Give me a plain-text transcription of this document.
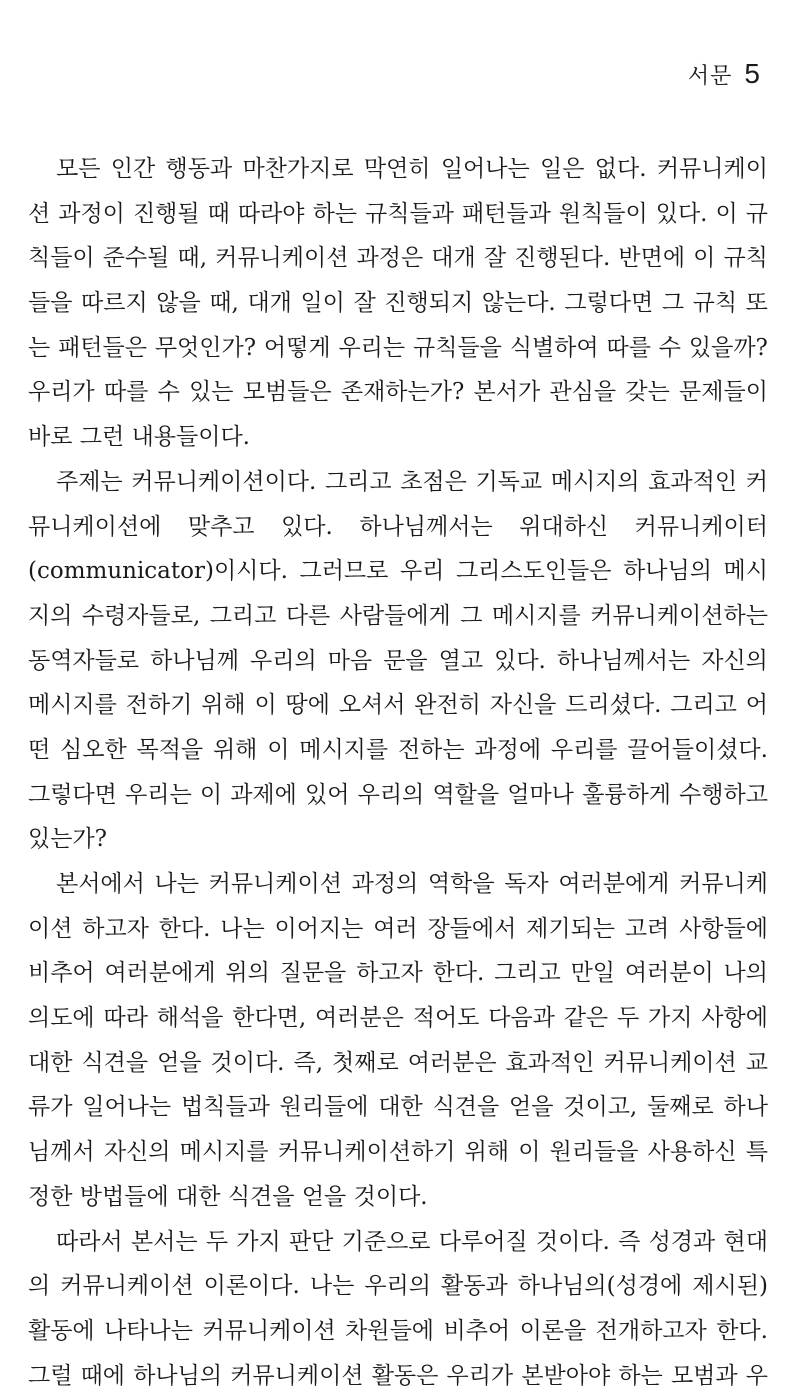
서문 5
모든 인간 행동과 마찬가지로 막연히 일어나는 일은 없다. 커뮤니케이
션 과정이 진행될 때 따라야 하는 규칙들과 패턴들과 원칙들이 있다. 이 규
칙들이 준수될 때, 커뮤니케이션 과정은 대개 잘 진행된다. 반면에 이 규칙
들을 따르지 않을 때, 대개 일이 잘 진행되지 않는다. 그렇다면 그 규칙 또
는 패턴들은 무엇인가? 어떻게 우리는 규칙들을 식별하여 따를 수 있을까?
우리가 따를 수 있는 모범들은 존재하는가? 본서가 관심을 갖는 문제들이
바로 그런 내용들이다.
주제는 커뮤니케이션이다. 그리고 초점은 기독교 메시지의 효과적인 커
뮤니케이션에 맞추고 있다. 하나님께서는 위대하신 커뮤니케이터
(communicator)이시다. 그러므로 우리 그리스도인들은 하나님의 메시
지의 수령자들로, 그리고 다른 사람들에게 그 메시지를 커뮤니케이션하는
동역자들로 하나님께 우리의 마음 문을 열고 있다. 하나님께서는 자신의
메시지를 전하기 위해 이 땅에 오셔서 완전히 자신을 드리셨다. 그리고 어
떤 심오한 목적을 위해 이 메시지를 전하는 과정에 우리를 끌어들이셨다.
그렇다면 우리는 이 과제에 있어 우리의 역할을 얼마나 훌륭하게 수행하고
있는가?
본서에서 나는 커뮤니케이션 과정의 역학을 독자 여러분에게 커뮤니케
이션 하고자 한다. 나는 이어지는 여러 장들에서 제기되는 고려 사항들에
비추어 여러분에게 위의 질문을 하고자 한다. 그리고 만일 여러분이 나의
의도에 따라 해석을 한다면, 여러분은 적어도 다음과 같은 두 가지 사항에
대한 식견을 얻을 것이다. 즉, 첫째로 여러분은 효과적인 커뮤니케이션 교
류가 일어나는 법칙들과 원리들에 대한 식견을 얻을 것이고, 둘째로 하나
님께서 자신의 메시지를 커뮤니케이션하기 위해 이 원리들을 사용하신 특
정한 방법들에 대한 식견을 얻을 것이다.
따라서 본서는 두 가지 판단 기준으로 다루어질 것이다. 즉 성경과 현대
의 커뮤니케이션 이론이다. 나는 우리의 활동과 하나님의(성경에 제시된)
활동에 나타나는 커뮤니케이션 차원들에 비추어 이론을 전개하고자 한다.
그럴 때에 하나님의 커뮤니케이션 활동은 우리가 본받아야 하는 모범과 우
